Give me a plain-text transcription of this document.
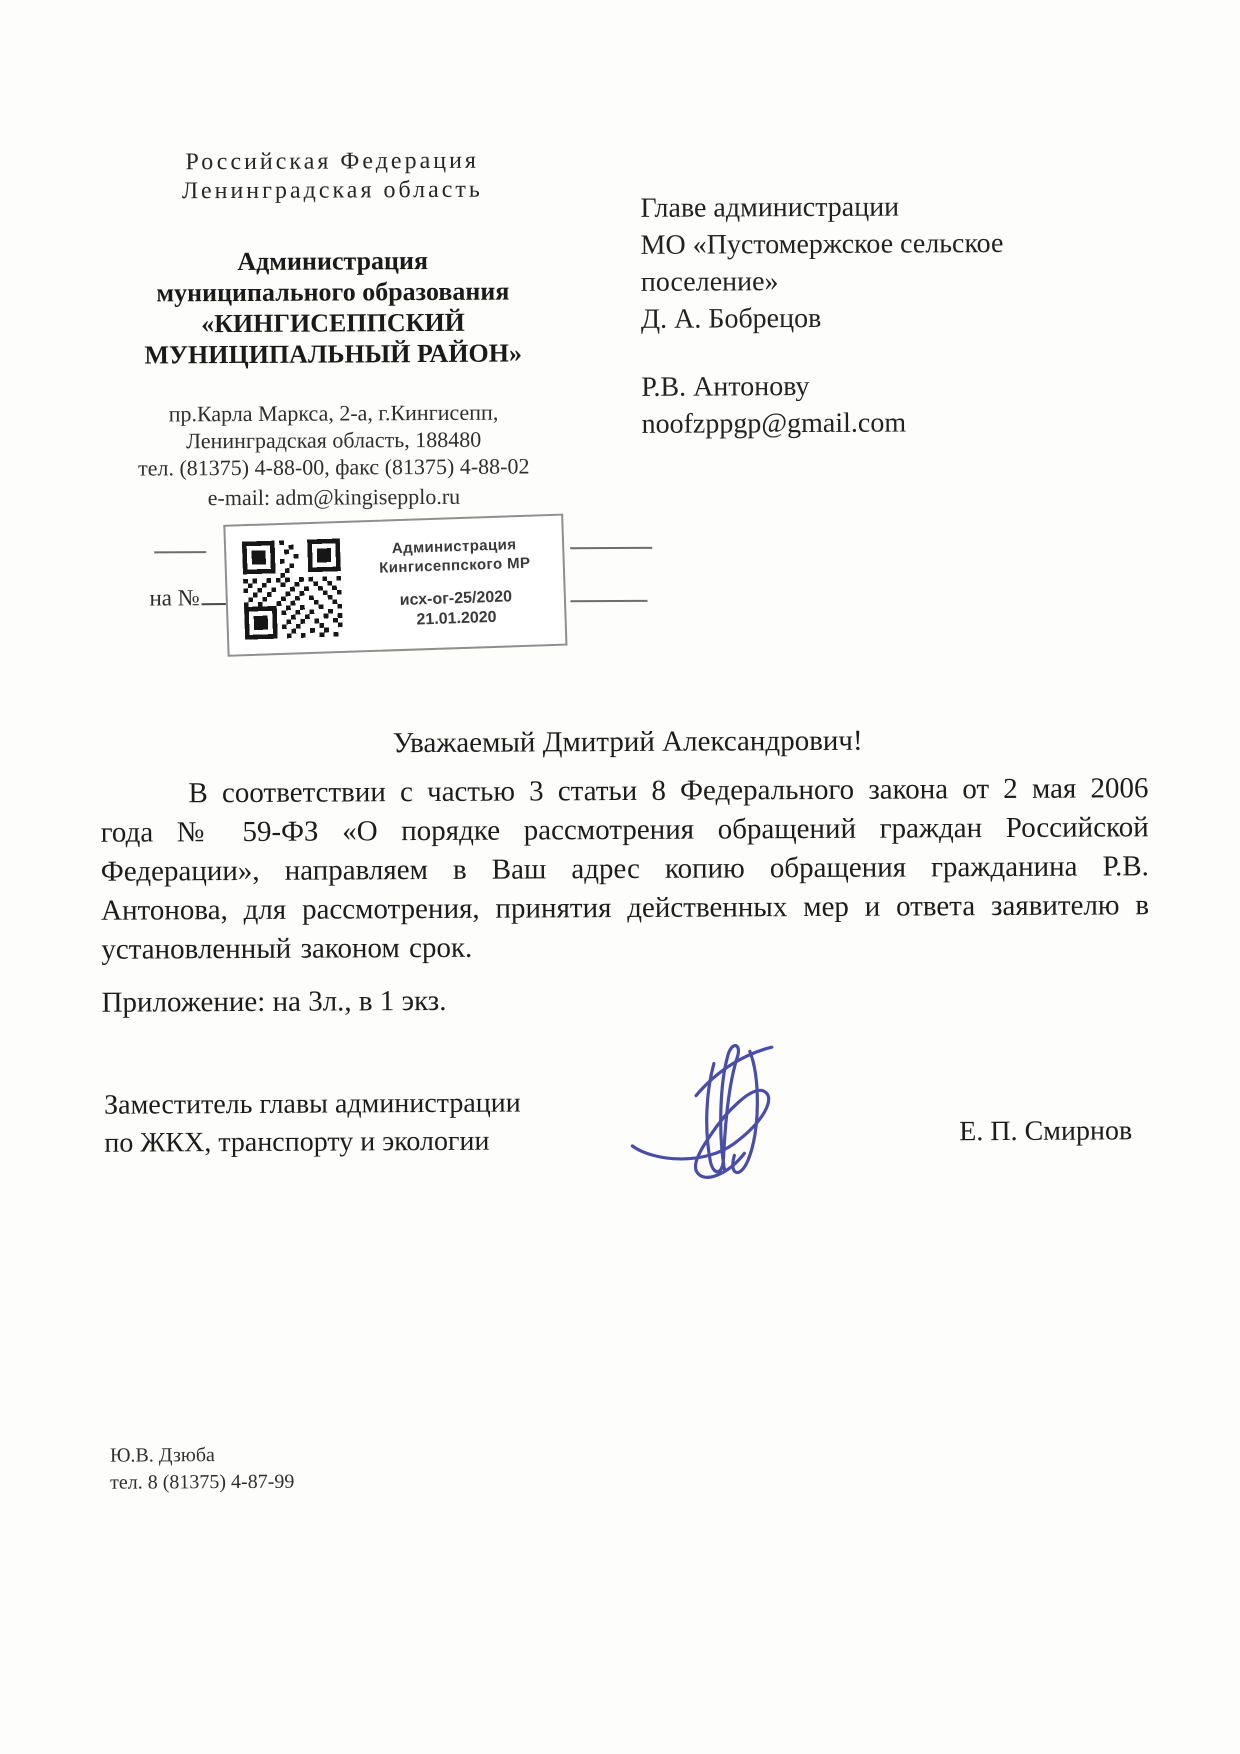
Российская Федерация
Ленинградская область
Администрация
муниципального образования
«КИНГИСЕППСКИЙ
МУНИЦИПАЛЬНЫЙ РАЙОН»
пр.Карла Маркса, 2-а, г.Кингисепп,
Ленинградская область, 188480
тел. (81375) 4-88-00, факс (81375) 4-88-02
e-mail: adm@kingisepplo.ru
Главе администрации
МО «Пустомержское сельское
поселение»
Д. А. Бобрецов
Р.В. Антонову
noofzppgp@gmail.com
на №
Администрация
Кингисеппского МР
исх-ог-25/2020
21.01.2020
Уважаемый Дмитрий Александрович!
В соответствии с частью 3 статьи 8 Федерального закона от 2 мая 2006 года № 59-ФЗ «О порядке рассмотрения обращений граждан Российской Федерации», направляем в Ваш адрес копию обращения гражданина Р.В. Антонова, для рассмотрения, принятия действенных мер и ответа заявителю в установленный законом срок.
Приложение: на 3л., в 1 экз.
Заместитель главы администрации
по ЖКХ, транспорту и экологии	Е. П. Смирнов
Ю.В. Дзюба
тел. 8 (81375) 4-87-99
